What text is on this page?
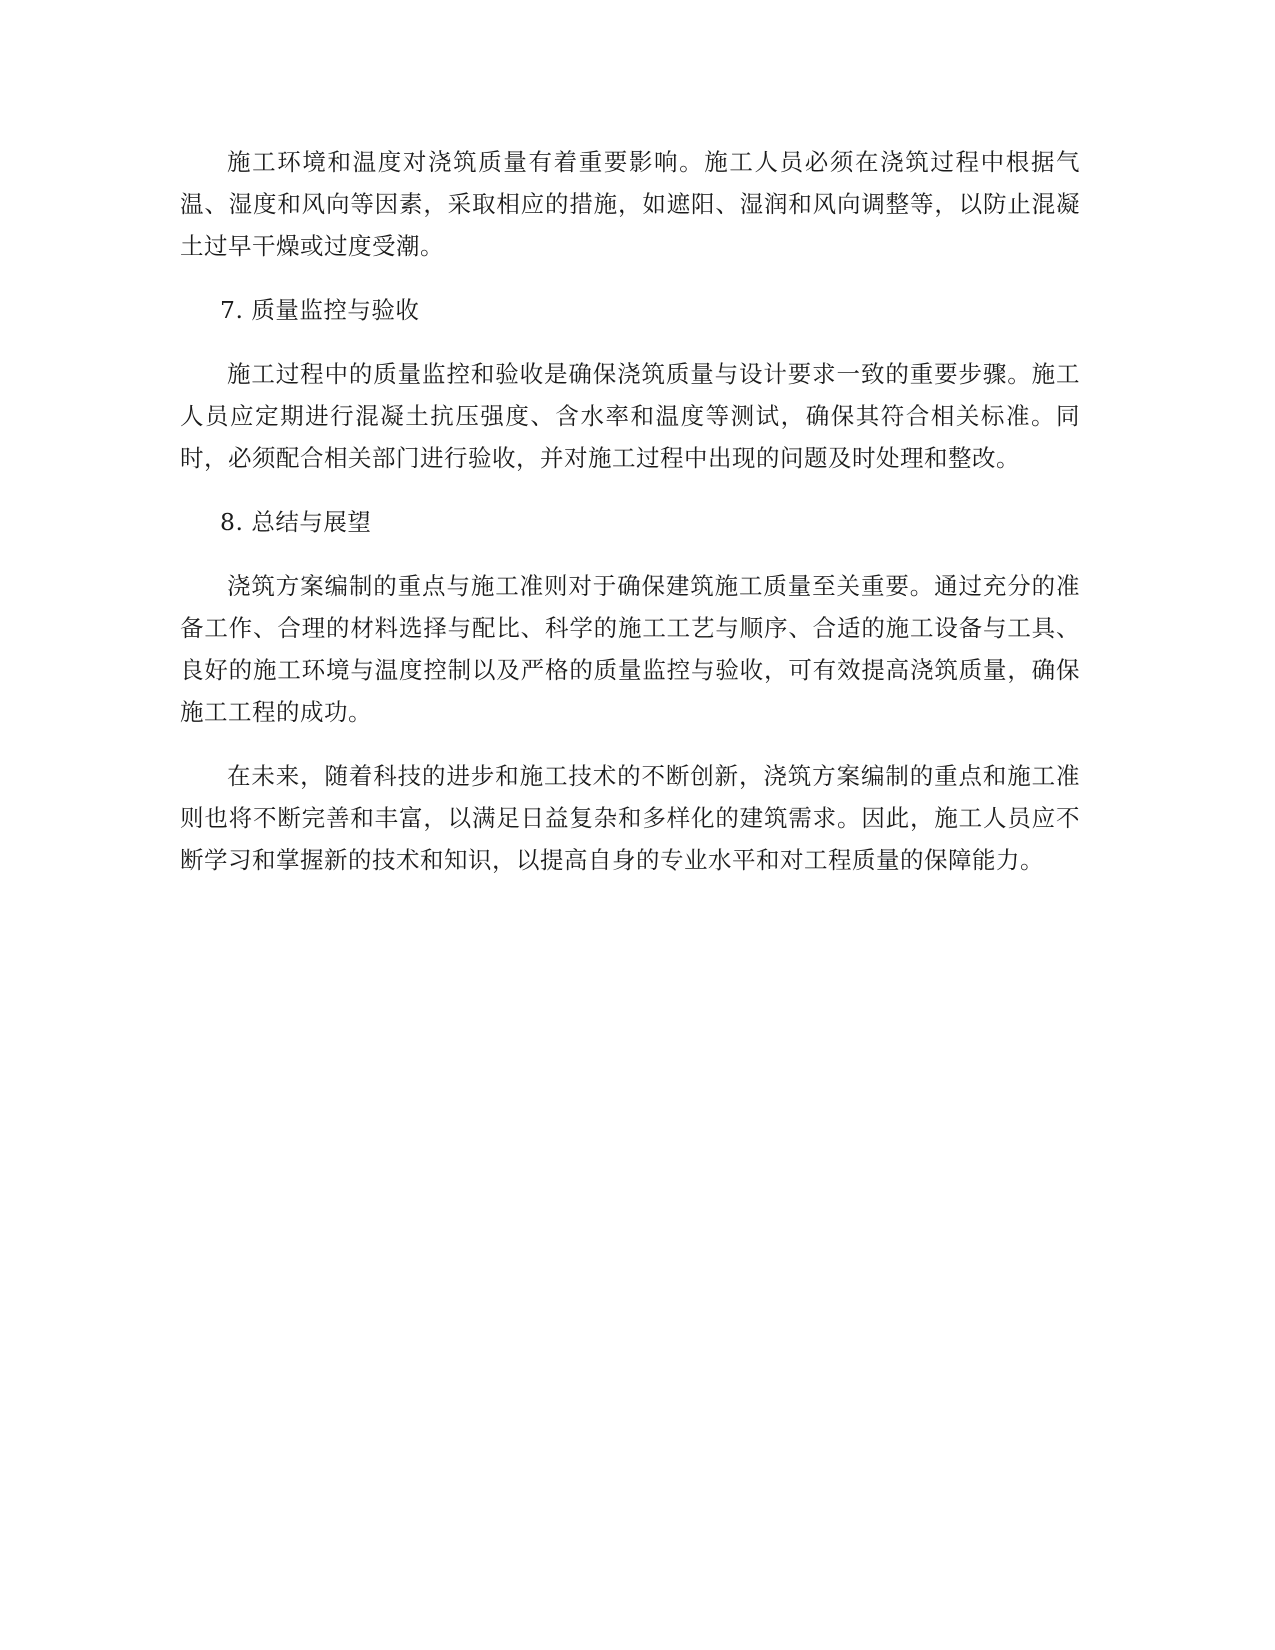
施工环境和温度对浇筑质量有着重要影响。施工人员必须在浇筑过程中根据气温、湿度和风向等因素，采取相应的措施，如遮阳、湿润和风向调整等，以防止混凝土过早干燥或过度受潮。

7. 质量监控与验收

施工过程中的质量监控和验收是确保浇筑质量与设计要求一致的重要步骤。施工人员应定期进行混凝土抗压强度、含水率和温度等测试，确保其符合相关标准。同时，必须配合相关部门进行验收，并对施工过程中出现的问题及时处理和整改。

8. 总结与展望

浇筑方案编制的重点与施工准则对于确保建筑施工质量至关重要。通过充分的准备工作、合理的材料选择与配比、科学的施工工艺与顺序、合适的施工设备与工具、良好的施工环境与温度控制以及严格的质量监控与验收，可有效提高浇筑质量，确保施工工程的成功。

在未来，随着科技的进步和施工技术的不断创新，浇筑方案编制的重点和施工准则也将不断完善和丰富，以满足日益复杂和多样化的建筑需求。因此，施工人员应不断学习和掌握新的技术和知识，以提高自身的专业水平和对工程质量的保障能力。
